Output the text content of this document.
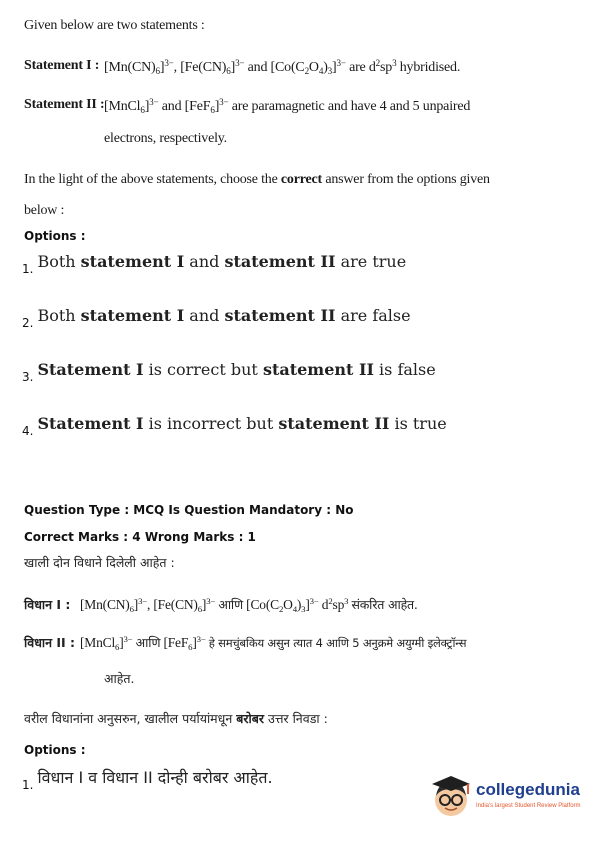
Given below are two statements :
Statement I : $[Mn(CN)_6]^{3-}$, $[Fe(CN)_6]^{3-}$ and $[Co(C_2O_4)_3]^{3-}$ are $d^2sp^3$ hybridised.
Statement II : [MnCl$_6$]$^{3-}$ and $[FeF_6]^{3-}$ are paramagnetic and have 4 and 5 unpaired
electrons, respectively.
In the light of the above statements, choose the correct answer from the options given
below :
Options :
$_{1.}$ Both statement I and statement II are true
$_{2.}$ Both statement I and statement II are false
$_{3.}$ Statement I is correct but statement II is false
$_{4.}$ Statement I is incorrect but statement II is true
Question Type : MCQ Is Question Mandatory : No
Correct Marks : 4 Wrong Marks : 1
खाली दोन विधाने दिलेली आहेत :
विधान I : $[Mn(CN)_6]^{3-}$, $[Fe(CN)_6]^{3-}$ आणि $[Co(C_2O_4)_3]^{3-}$ $d^2sp^3$ संकरित आहेत.
विधान II : [MnCl$_6$]$^{3-}$ आणि $[FeF_6]^{3-}$ हे समचुंबकिय असुन त्यात 4 आणि 5 अनुक्रमे अयुग्मी इलेक्ट्रॉन्स
आहेत.
वरील विधानांना अनुसरुन, खालील पर्यायांमधून बरोबर उत्तर निवडा :
Options :
$_{1.}$ विधान I व विधान II दोन्ही बरोबर आहेत.
collegedunia
India's largest Student Review Platform
